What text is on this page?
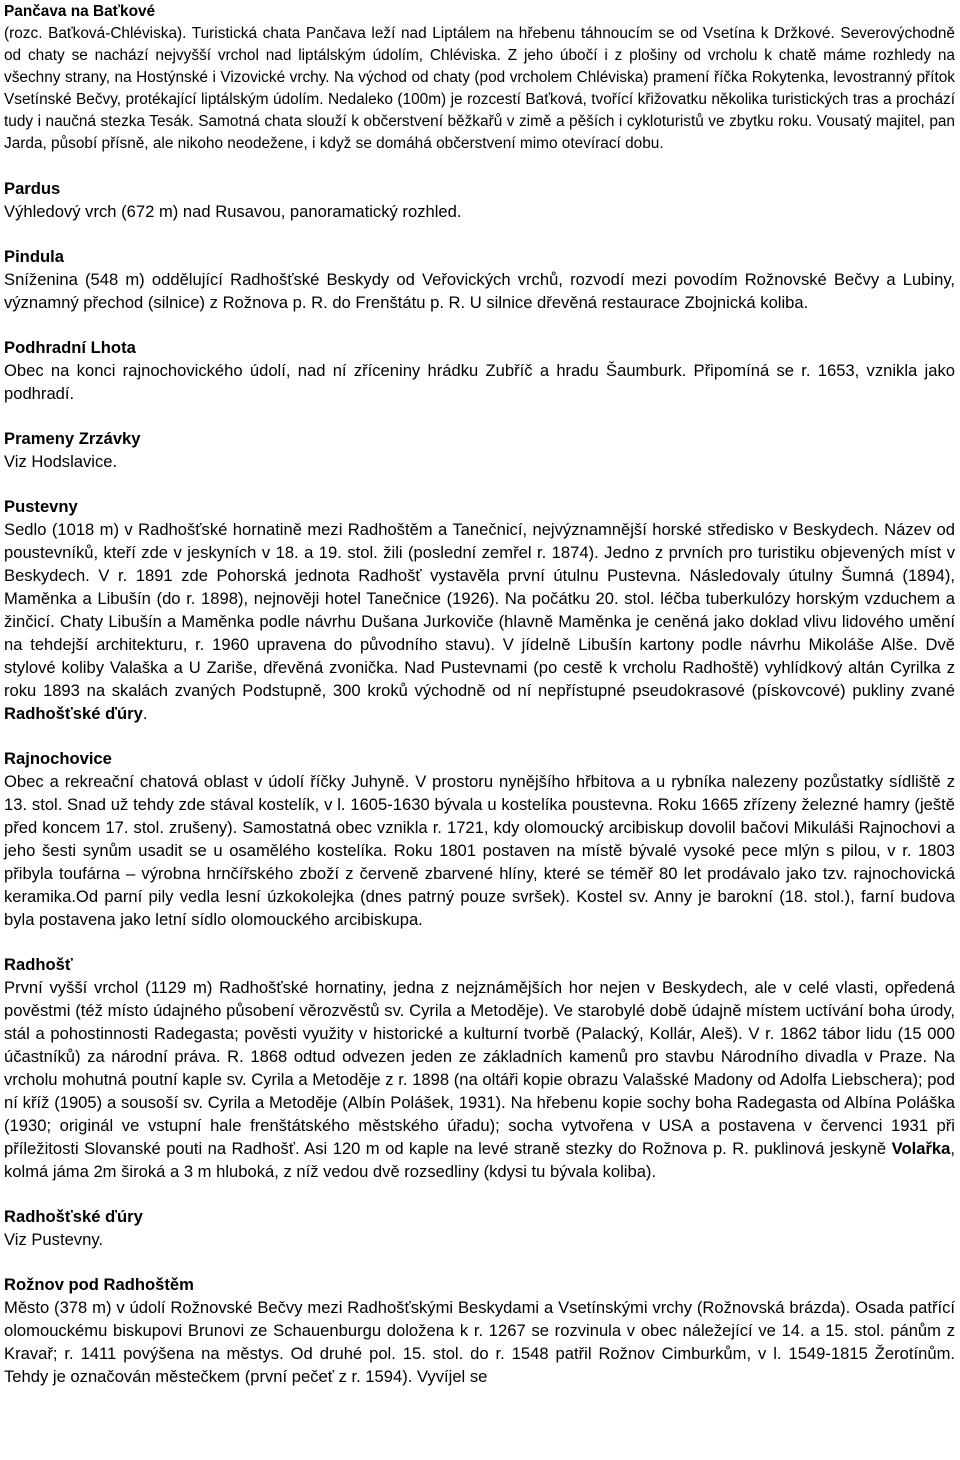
Pančava na Baťkové

(rozc. Baťková-Chléviska). Turistická chata Pančava leží nad Liptálem na hřebenu táhnoucím se od Vsetína k Držkové. Severovýchodně od chaty se nachází nejvyšší vrchol nad liptálským údolím, Chléviska. Z jeho úbočí i z plošiny od vrcholu k chatě máme rozhledy na všechny strany, na Hostýnské i Vizovické vrchy. Na východ od chaty (pod vrcholem Chléviska) pramení říčka Rokytenka, levostranný přítok Vsetínské Bečvy, protékající liptálským údolím. Nedaleko (100m) je rozcestí Baťková, tvořící křižovatku několika turistických tras a prochází tudy i naučná stezka Tesák. Samotná chata slouží k občerstvení běžkařů v zimě a pěších i cykloturistů ve zbytku roku. Vousatý majitel, pan Jarda, působí přísně, ale nikoho neodežene, i když se domáhá občerstvení mimo otevírací dobu.

Pardus

Výhledový vrch (672 m) nad Rusavou, panoramatický rozhled.

Pindula

Sníženina (548 m) oddělující Radhošťské Beskydy od Veřovických vrchů, rozvodí mezi povodím Rožnovské Bečvy a Lubiny, významný přechod (silnice) z Rožnova p. R. do Frenštátu p. R. U silnice dřevěná restaurace Zbojnická koliba.

Podhradní Lhota

Obec na konci rajnochovického údolí, nad ní zříceniny hrádku Zubříč a hradu Šaumburk. Připomíná se r. 1653, vznikla jako podhradí.

Prameny Zrzávky

Viz Hodslavice.

Pustevny

Sedlo (1018 m) v Radhošťské hornatině mezi Radhoštěm a Tanečnicí, nejvýznamnější horské středisko v Beskydech. Název od poustevníků, kteří zde v jeskyních v 18. a 19. stol. žili (poslední zemřel r. 1874). Jedno z prvních pro turistiku objevených míst v Beskydech. V r. 1891 zde Pohorská jednota Radhošť vystavěla první útulnu Pustevna. Následovaly útulny Šumná (1894), Maměnka a Libušín (do r. 1898), nejnověji hotel Tanečnice (1926). Na počátku 20. stol. léčba tuberkulózy horským vzduchem a žinčicí. Chaty Libušín a Maměnka podle návrhu Dušana Jurkoviče (hlavně Maměnka je ceněná jako doklad vlivu lidového umění na tehdejší architekturu, r. 1960 upravena do původního stavu). V jídelně Libušín kartony podle návrhu Mikoláše Alše. Dvě stylové koliby Valaška a U Zariše, dřevěná zvonička. Nad Pustevnami (po cestě k vrcholu Radhoště) vyhlídkový altán Cyrilka z roku 1893 na skalách zvaných Podstupně, 300 kroků východně od ní nepřístupné pseudokrasové (pískovcové) pukliny zvané Radhošťské ďúry.

Rajnochovice

Obec a rekreační chatová oblast v údolí říčky Juhyně. V prostoru nynějšího hřbitova a u rybníka nalezeny pozůstatky sídliště z 13. stol. Snad už tehdy zde stával kostelík, v l. 1605-1630 bývala u kostelíka poustevna. Roku 1665 zřízeny železné hamry (ještě před koncem 17. stol. zrušeny). Samostatná obec vznikla r. 1721, kdy olomoucký arcibiskup dovolil bačovi Mikuláši Rajnochovi a jeho šesti synům usadit se u osamělého kostelíka. Roku 1801 postaven na místě bývalé vysoké pece mlýn s pilou, v r. 1803 přibyla toufárna – výrobna hrnčířského zboží z červeně zbarvené hlíny, které se téměř 80 let prodávalo jako tzv. rajnochovická keramika.Od parní pily vedla lesní úzkokolejka (dnes patrný pouze svršek). Kostel sv. Anny je barokní (18. stol.), farní budova byla postavena jako letní sídlo olomouckého arcibiskupa.

Radhošť

První vyšší vrchol (1129 m) Radhošťské hornatiny, jedna z nejznámějších hor nejen v Beskydech, ale v celé vlasti, opředená pověstmi (též místo údajného působení věrozvěstů sv. Cyrila a Metoděje). Ve starobylé době údajně místem uctívání boha úrody, stál a pohostinnosti Radegasta; pověsti využity v historické a kulturní tvorbě (Palacký, Kollár, Aleš). V r. 1862 tábor lidu (15 000 účastníků) za národní práva. R. 1868 odtud odvezen jeden ze základních kamenů pro stavbu Národního divadla v Praze. Na vrcholu mohutná poutní kaple sv. Cyrila a Metoděje z r. 1898 (na oltáři kopie obrazu Valašské Madony od Adolfa Liebschera); pod ní kříž (1905) a sousoší sv. Cyrila a Metoděje (Albín Polášek, 1931). Na hřebenu kopie sochy boha Radegasta od Albína Poláška (1930; originál ve vstupní hale frenštátského městského úřadu); socha vytvořena v USA a postavena v červenci 1931 při příležitosti Slovanské pouti na Radhošť. Asi 120 m od kaple na levé straně stezky do Rožnova p. R. puklinová jeskyně Volařka, kolmá jáma 2m široká a 3 m hluboká, z níž vedou dvě rozsedliny (kdysi tu bývala koliba).

Radhošťské ďúry

Viz Pustevny.

Rožnov pod Radhoštěm

Město (378 m) v údolí Rožnovské Bečvy mezi Radhošťskými Beskydami a Vsetínskými vrchy (Rožnovská brázda). Osada patřící olomouckému biskupovi Brunovi ze Schauenburgu doložena k r. 1267 se rozvinula v obec náležející ve 14. a 15. stol. pánům z Kravař; r. 1411 povýšena na městys. Od druhé pol. 15. stol. do r. 1548 patřil Rožnov Cimburkům, v l. 1549-1815 Žerotínům. Tehdy je označován městečkem (první pečeť z r. 1594). Vyvíjel se
